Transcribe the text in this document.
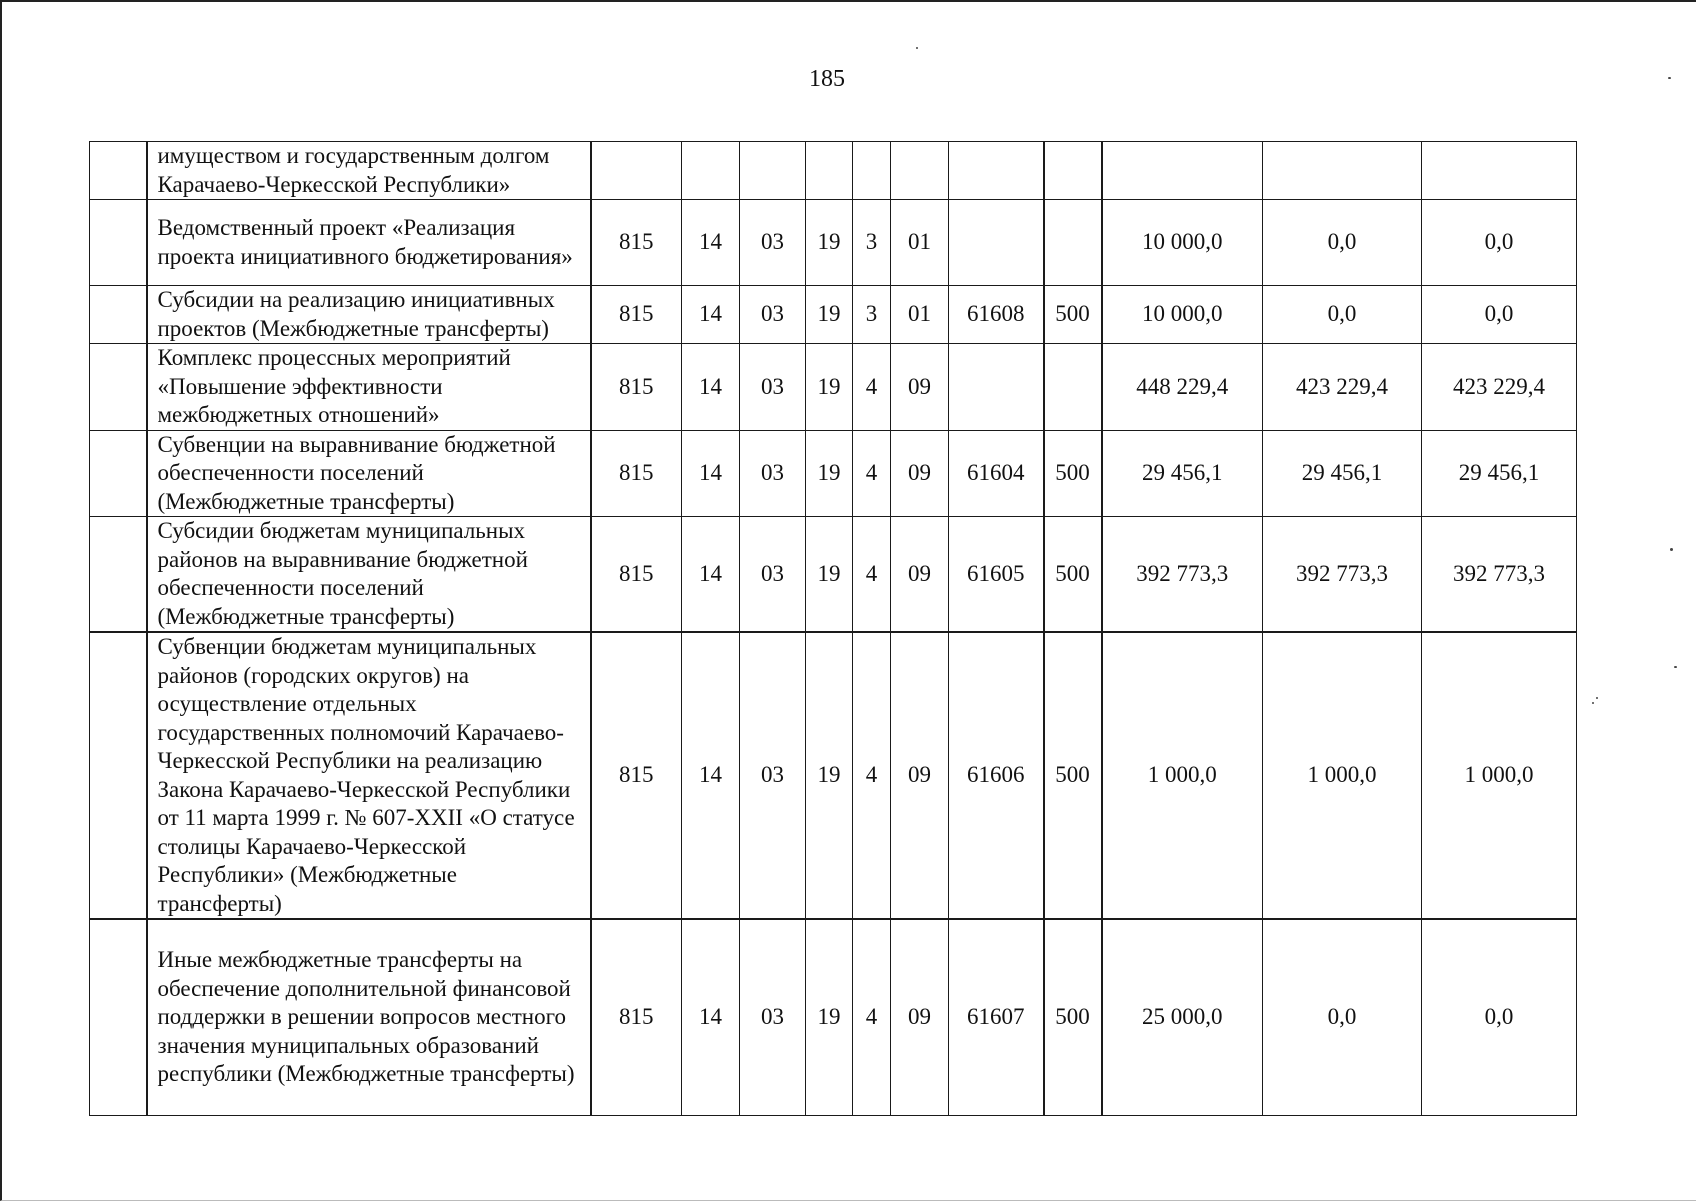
185
	имуществом и государственным долгом Карачаево-Черкесской Республики»											
	Ведомственный проект «Реализация проекта инициативного бюджетирования»	815	14	03	19	3	01			10 000,0	0,0	0,0
	Субсидии на реализацию инициативных проектов (Межбюджетные трансферты)	815	14	03	19	3	01	61608	500	10 000,0	0,0	0,0
	Комплекс процессных мероприятий «Повышение эффективности межбюджетных отношений»	815	14	03	19	4	09			448 229,4	423 229,4	423 229,4
	Субвенции на выравнивание бюджетной обеспеченности поселений (Межбюджетные трансферты)	815	14	03	19	4	09	61604	500	29 456,1	29 456,1	29 456,1
	Субсидии бюджетам муниципальных районов на выравнивание бюджетной обеспеченности поселений (Межбюджетные трансферты)	815	14	03	19	4	09	61605	500	392 773,3	392 773,3	392 773,3
	Субвенции бюджетам муниципальных районов (городских округов) на осуществление отдельных государственных полномочий Карачаево-Черкесской Республики на реализацию Закона Карачаево-Черкесской Республики от 11 марта 1999 г. № 607-XXII «О статусе столицы Карачаево-Черкесской Республики» (Межбюджетные трансферты)	815	14	03	19	4	09	61606	500	1 000,0	1 000,0	1 000,0
	Иные межбюджетные трансферты на обеспечение дополнительной финансовой поддержки в решении вопросов местного значения муниципальных образований республики (Межбюджетные трансферты)	815	14	03	19	4	09	61607	500	25 000,0	0,0	0,0
